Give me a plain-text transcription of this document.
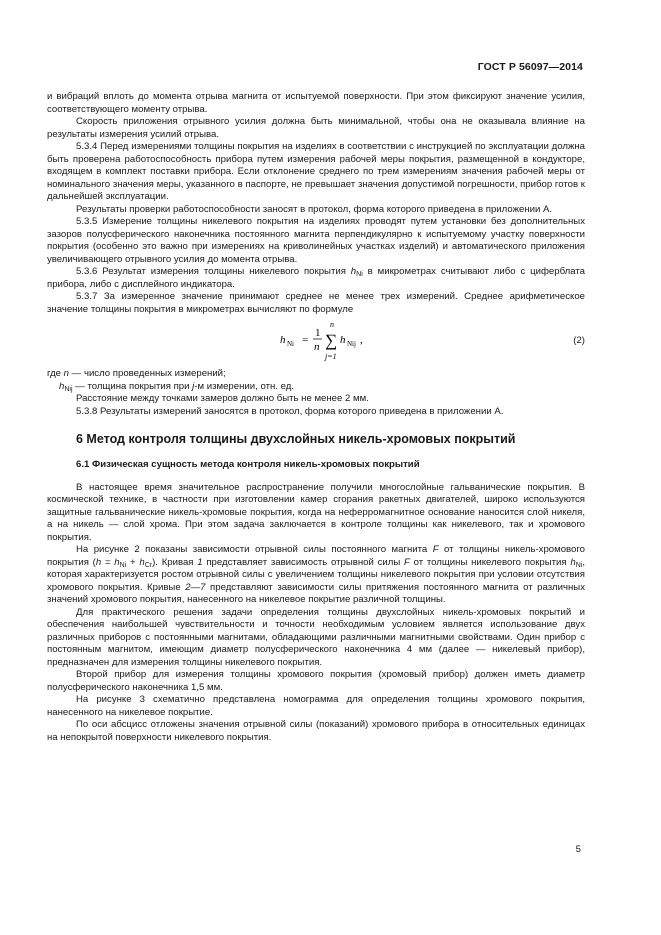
ГОСТ Р 56097—2014

и вибраций вплоть до момента отрыва магнита от испытуемой поверхности. При этом фиксируют значение усилия, соответствующего моменту отрыва.

Скорость приложения отрывного усилия должна быть минимальной, чтобы она не оказывала влияние на результаты измерения усилий отрыва.

5.3.4 Перед измерениями толщины покрытия на изделиях в соответствии с инструкцией по эксплуатации должна быть проверена работоспособность прибора путем измерения рабочей меры покрытия, размещенной в кондукторе, входящем в комплект поставки прибора. Если отклонение среднего по трем измерениям значения рабочей меры от номинального значения меры, указанного в паспорте, не превышает значения допустимой погрешности, прибор готов к дальнейшей эксплуатации.

Результаты проверки работоспособности заносят в протокол, форма которого приведена в приложении А.

5.3.5 Измерение толщины никелевого покрытия на изделиях проводят путем установки без дополнительных зазоров полусферического наконечника постоянного магнита перпендикулярно к испытуемому участку поверхности покрытия (особенно это важно при измерениях на криволинейных участках изделий) и автоматического приложения увеличивающего отрывного усилия до момента отрыва.

5.3.6 Результат измерения толщины никелевого покрытия $h_{Ni}$ в микрометрах считывают либо с циферблата прибора, либо с дисплейного индикатора.

5.3.7 За измеренное значение принимают среднее не менее трех измерений. Среднее арифметическое значение толщины покрытия в микрометрах вычисляют по формуле

h Ni =
1
n
n
∑
j=1
h Nij ,	(2)

где n — число проведенных измерений;

$h_{Nij}$ — толщина покрытия при j-м измерении, отн. ед.

Расстояние между точками замеров должно быть не менее 2 мм.

5.3.8 Результаты измерений заносятся в протокол, форма которого приведена в приложении А.

6 Метод контроля толщины двухслойных никель-хромовых покрытий
6.1 Физическая сущность метода контроля никель-хромовых покрытий

В настоящее время значительное распространение получили многослойные гальванические покрытия. В космической технике, в частности при изготовлении камер сгорания ракетных двигателей, широко используются защитные гальванические никель-хромовые покрытия, когда на неферромагнитное основание наносится слой никеля, а на никель — слой хрома. При этом задача заключается в контроле толщины как никелевого, так и хромового покрытия.

На рисунке 2 показаны зависимости отрывной силы постоянного магнита F от толщины никель-хромового покрытия $(h = h_{Ni} + h_{Cr})$. Кривая 1 представляет зависимость отрывной силы F от толщины никелевого покрытия $h_{Ni}$, которая характеризуется ростом отрывной силы с увеличением толщины никелевого покрытия при условии отсутствия хромового покрытия. Кривые 2—7 представляют зависимости силы притяжения постоянного магнита от различных значений хромового покрытия, нанесенного на никелевое покрытие различной толщины.

Для практического решения задачи определения толщины двухслойных никель-хромовых покрытий и обеспечения наибольшей чувствительности и точности необходимым условием является использование двух различных приборов с постоянными магнитами, обладающими различными магнитными свойствами. Один прибор с постоянным магнитом, имеющим диаметр полусферического наконечника 4 мм (далее — никелевый прибор), предназначен для измерения толщины никелевого покрытия.

Второй прибор для измерения толщины хромового покрытия (хромовый прибор) должен иметь диаметр полусферического наконечника 1,5 мм.

На рисунке 3 схематично представлена номограмма для определения толщины хромового покрытия, нанесенного на никелевое покрытие.

По оси абсцисс отложены значения отрывной силы (показаний) хромового прибора в относительных единицах на непокрытой поверхности никелевого покрытия.

5
